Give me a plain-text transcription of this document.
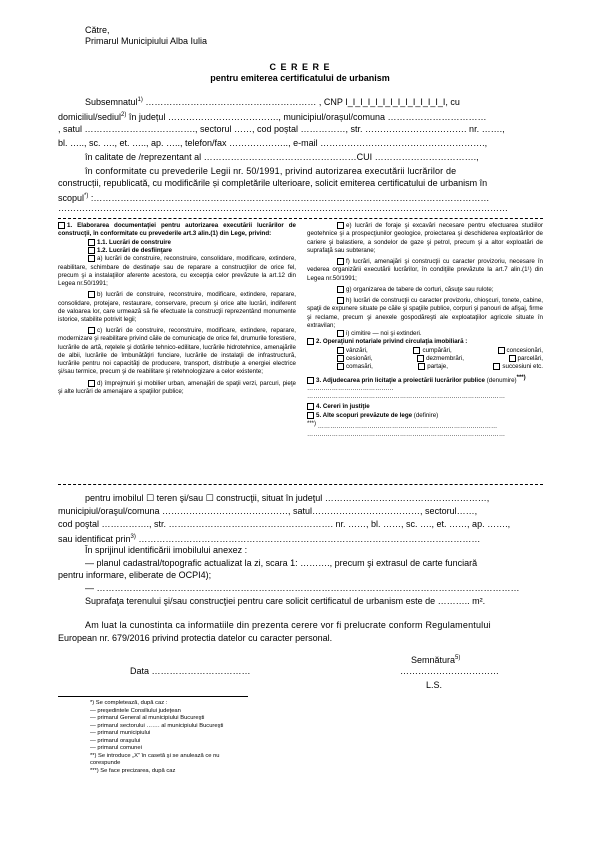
Către,
Primarul Municipiului Alba Iulia
C E R E R E
pentru emiterea certificatului de urbanism
Subsemnatul$^{1)}$ ………………………………………………… , CNP I_I_I_I_I_I_I_I_I_I_I_I_I_I, cu
domiciliul/sediul$^{2)}$ în județul ………………………………., municipiul/orașul/comuna ……………………………
, satul ………………………………., sectorul ……, cod poștal ……………, str. ……………………………. nr. …….,
bl. ….., sc. …., et. ….., ap. ….., telefon/fax ……………….., e-mail ……………………………………………….,
în calitate de /reprezentant al ……………………………………………CUI …………………………….,
în conformitate cu prevederile Legii nr. 50/1991, privind autorizarea executării lucrărilor de
construcții, republicată, cu modificările și completările ulterioare, solicit emiterea certificatului de urbanism în
scopul*) :……………………………………………………………………………………………………………………
……………………………………………………………………………………………………………………………………
1. Elaborarea documentaţiei pentru autorizarea executării lucrărilor de construcţii, în conformitate cu prevederile art.3 alin.(1) din Lege, privind:
1.1. Lucrări de construire
1.2. Lucrări de desfiinţare
a) lucrări de construire, reconstruire, consolidare, modificare, extindere, reabilitare, schimbare de destinaţie sau de reparare a construcţiilor de orice fel, precum şi a instalaţiilor aferente acestora, cu excepţia celor prevăzute la art.12 din Legea nr.50/1991;
b) lucrări de construire, reconstruire, modificare, extindere, reparare, consolidare, protejare, restaurare, conservare, precum şi orice alte lucrări, indiferent de valoarea lor, care urmează să fie efectuate la construcţii reprezentând monumente istorice, stabilite potrivit legii;
c) lucrări de construire, reconstruire, modificare, extindere, reparare, modernizare şi reabilitare privind căile de comunicaţie de orice fel, drumurile forestiere, lucrările de artă, reţelele şi dotările tehnico-edilitare, lucrările hidrotehnice, amenajările de albii, lucrările de îmbunătăţiri funciare, lucrările de instalaţii de infrastructură, lucrările pentru noi capacităţi de producere, transport, distribuţie a energiei electrice şi/sau termice, precum şi de reabilitare şi retehnologizare a celor existente;
d) împrejmuiri şi mobilier urban, amenajări de spaţii verzi, parcuri, pieţe şi alte lucrări de amenajare a spaţiilor publice;
e) lucrări de foraje şi excavări necesare pentru efectuarea studiilor geotehnice şi a prospecţiunilor geologice, proiectarea şi deschiderea exploatărilor de cariere şi balastiere, a sondelor de gaze şi petrol, precum şi a altor exploatări de suprafaţă sau subterane;
f) lucrări, amenajări şi construcţii cu caracter provizoriu, necesare în vederea organizării executării lucrărilor, în condiţiile prevăzute la art.7 alin.(1¹) din Legea nr.50/1991;
g) organizarea de tabere de corturi, căsuţe sau rulote;
h) lucrări de construcţii cu caracter provizoriu, chioşcuri, tonete, cabine, spaţii de expunere situate pe căile şi spaţiile publice, corpuri şi panouri de afişaj, firme şi reclame, precum şi anexele gospodăreşti ale exploataţiilor agricole situate în extravilan;
i) cimitire — noi şi extinderi.
2. Operaţiuni notariale privind circulaţia imobiliară :
vânzări,	cumpărări,	concesionări,
cesionări,	dezmembrări,	parcelări,
comasări,	partaje,	succesiuni etc.
3. Adjudecarea prin licitaţie a proiectării lucrărilor publice (denumire)***) ……………………………………
……………………………………………………………………………………
4. Cereri în justiţie
5. Alte scopuri prevăzute de lege (definire)
***) ……………………………………………………………………………
……………………………………………………………………………………
pentru imobilul ☐ teren şi/sau ☐ construcţii, situat în judeţul ………………………………………………,
municipiul/oraşul/comuna ……………………………………, satul………………………………, sectorul……,
cod poştal ……………., str. ………………………………………………. nr. ……, bl. ……, sc. …., et. ……, ap. …….,
sau identificat prin$^{3)}$ ……………………………………………………………………………………………………
În sprijinul identificării imobilului anexez :
— planul cadastral/topografic actualizat la zi, scara 1: ………., precum şi extrasul de carte funciară
pentru informare, eliberate de OCPI4);
— ……………………………………………………………………………………………………………………………
Suprafaţa terenului şi/sau construcţiei pentru care solicit certificatul de urbanism este de ……….. m².
Am luat la cunostinta ca informatiile din prezenta cerere vor fi prelucrate conform Regulamentului
European nr. 679/2016 privind protectia datelor cu caracter personal.
Semnătura$^{5)}$
Data ……………………………	……………………………
L.S.
*) Se completează, după caz :
— preşedintele Consiliului judeţean
— primarul General al municipiului Bucureşti
— primarul sectorului ……. al municipiului Bucureşti
— primarul municipiului
— primarul oraşului
— primarul comunei
**) Se introduce „X” în casetă şi se anulează ce nu
corespunde
***) Se face precizarea, după caz
